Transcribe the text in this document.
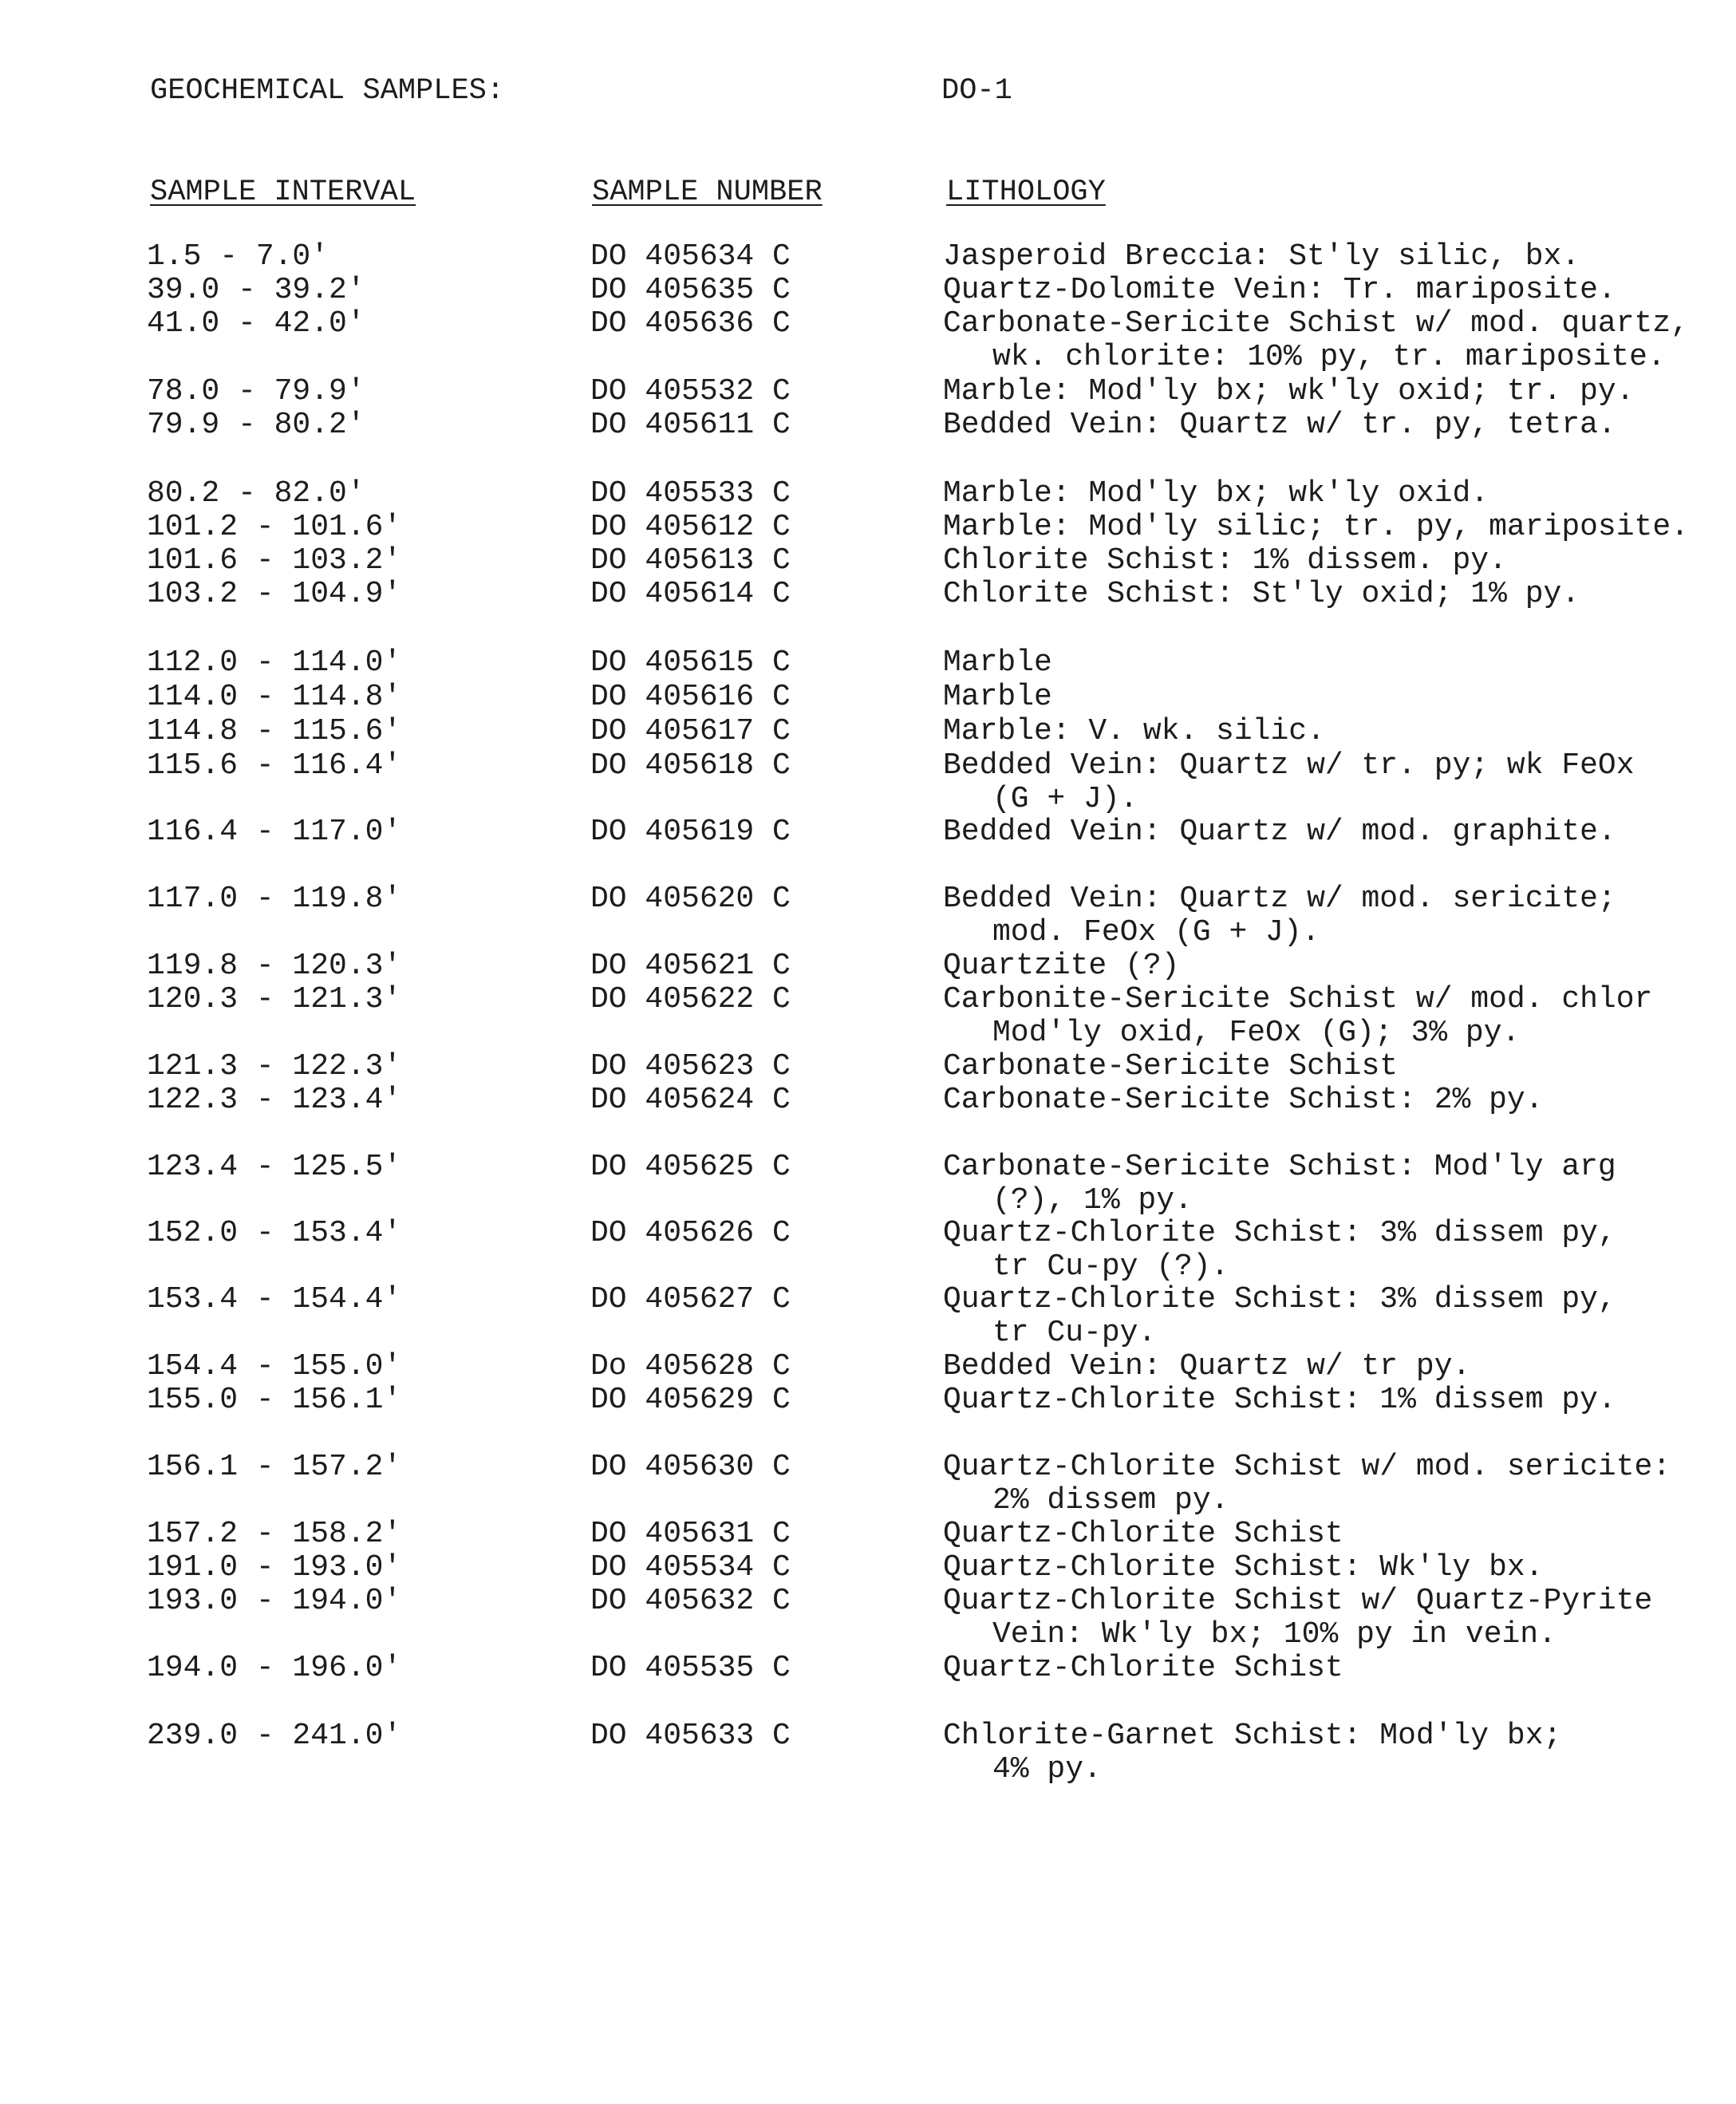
GEOCHEMICAL SAMPLES:	DO-1
SAMPLE INTERVAL	SAMPLE NUMBER	LITHOLOGY
1.5 - 7.0'	DO 405634 C	Jasperoid Breccia: St'ly silic, bx.
39.0 - 39.2'	DO 405635 C	Quartz-Dolomite Vein: Tr. mariposite.
41.0 - 42.0'	DO 405636 C	Carbonate-Sericite Schist w/ mod. quartz,
wk. chlorite: 10% py, tr. mariposite.
78.0 - 79.9'	DO 405532 C	Marble: Mod'ly bx; wk'ly oxid; tr. py.
79.9 - 80.2'	DO 405611 C	Bedded Vein: Quartz w/ tr. py, tetra.
80.2 - 82.0'	DO 405533 C	Marble: Mod'ly bx; wk'ly oxid.
101.2 - 101.6'	DO 405612 C	Marble: Mod'ly silic; tr. py, mariposite.
101.6 - 103.2'	DO 405613 C	Chlorite Schist: 1% dissem. py.
103.2 - 104.9'	DO 405614 C	Chlorite Schist: St'ly oxid; 1% py.
112.0 - 114.0'	DO 405615 C	Marble
114.0 - 114.8'	DO 405616 C	Marble
114.8 - 115.6'	DO 405617 C	Marble: V. wk. silic.
115.6 - 116.4'	DO 405618 C	Bedded Vein: Quartz w/ tr. py; wk FeOx
(G + J).
116.4 - 117.0'	DO 405619 C	Bedded Vein: Quartz w/ mod. graphite.
117.0 - 119.8'	DO 405620 C	Bedded Vein: Quartz w/ mod. sericite;
mod. FeOx (G + J).
119.8 - 120.3'	DO 405621 C	Quartzite (?)
120.3 - 121.3'	DO 405622 C	Carbonite-Sericite Schist w/ mod. chlor
Mod'ly oxid, FeOx (G); 3% py.
121.3 - 122.3'	DO 405623 C	Carbonate-Sericite Schist
122.3 - 123.4'	DO 405624 C	Carbonate-Sericite Schist: 2% py.
123.4 - 125.5'	DO 405625 C	Carbonate-Sericite Schist: Mod'ly arg
(?), 1% py.
152.0 - 153.4'	DO 405626 C	Quartz-Chlorite Schist: 3% dissem py,
tr Cu-py (?).
153.4 - 154.4'	DO 405627 C	Quartz-Chlorite Schist: 3% dissem py,
tr Cu-py.
154.4 - 155.0'	Do 405628 C	Bedded Vein: Quartz w/ tr py.
155.0 - 156.1'	DO 405629 C	Quartz-Chlorite Schist: 1% dissem py.
156.1 - 157.2'	DO 405630 C	Quartz-Chlorite Schist w/ mod. sericite:
2% dissem py.
157.2 - 158.2'	DO 405631 C	Quartz-Chlorite Schist
191.0 - 193.0'	DO 405534 C	Quartz-Chlorite Schist: Wk'ly bx.
193.0 - 194.0'	DO 405632 C	Quartz-Chlorite Schist w/ Quartz-Pyrite
Vein: Wk'ly bx; 10% py in vein.
194.0 - 196.0'	DO 405535 C	Quartz-Chlorite Schist
239.0 - 241.0'	DO 405633 C	Chlorite-Garnet Schist: Mod'ly bx;
4% py.
